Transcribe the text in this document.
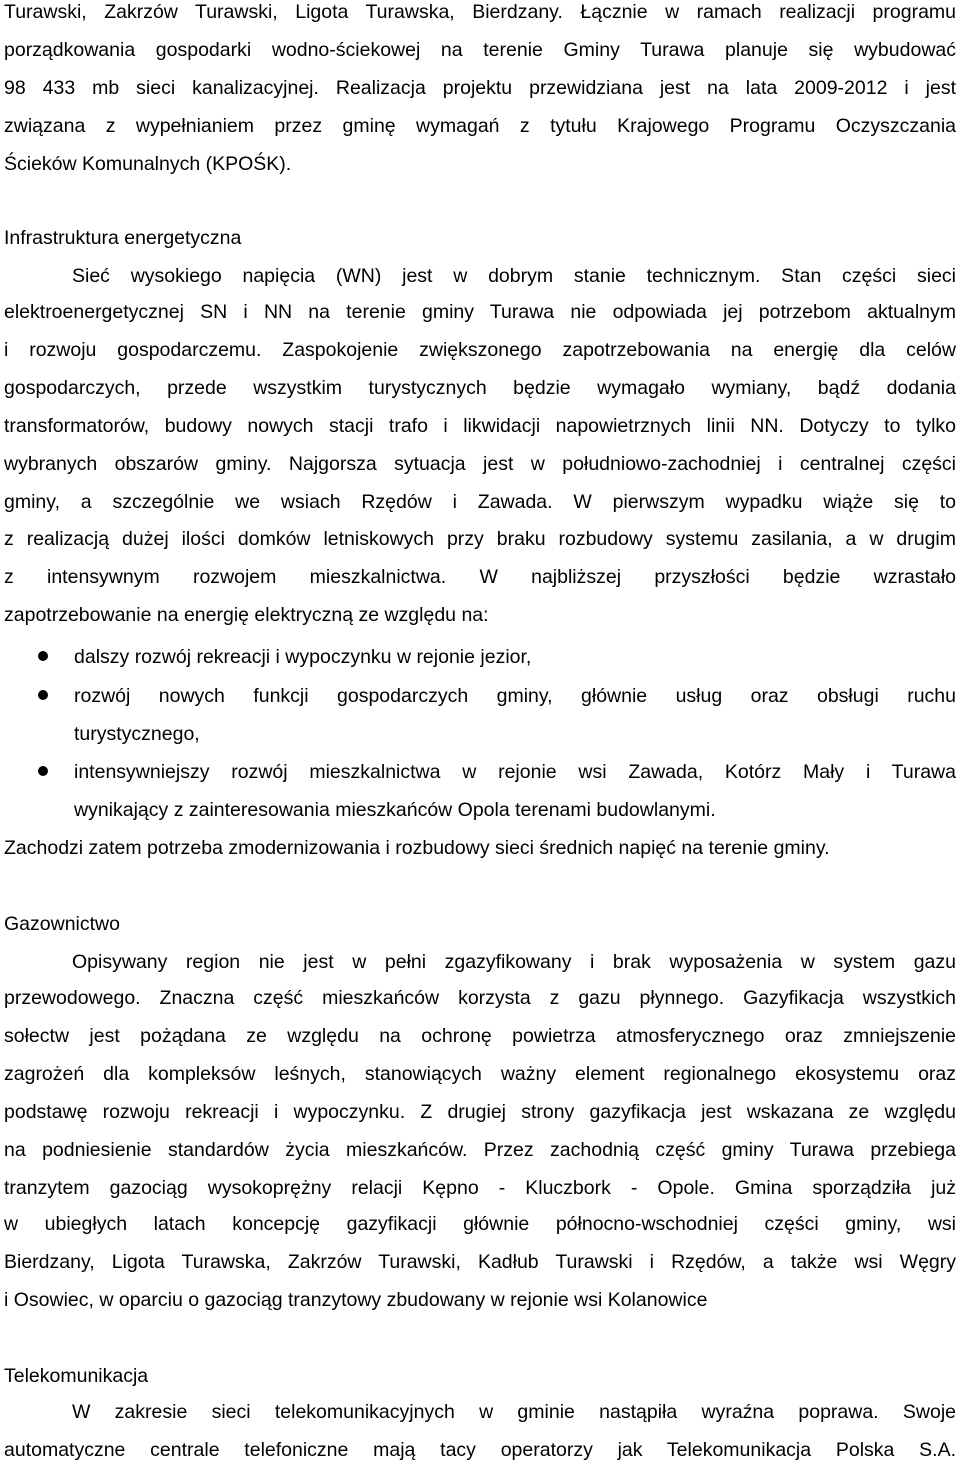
Turawski, Zakrzów Turawski, Ligota Turawska, Bierdzany. Łącznie w ramach realizacji programu
porządkowania gospodarki wodno-ściekowej na terenie Gminy Turawa planuje się wybudować
98 433 mb sieci kanalizacyjnej. Realizacja projektu przewidziana jest na lata 2009-2012 i jest
związana z wypełnianiem przez gminę wymagań z tytułu Krajowego Programu Oczyszczania
Ścieków Komunalnych (KPOŚK).
Infrastruktura energetyczna
Sieć wysokiego napięcia (WN) jest w dobrym stanie technicznym. Stan części sieci
elektroenergetycznej SN i NN na terenie gminy Turawa nie odpowiada jej potrzebom aktualnym
i rozwoju gospodarczemu. Zaspokojenie zwiększonego zapotrzebowania na energię dla celów
gospodarczych, przede wszystkim turystycznych będzie wymagało wymiany, bądź dodania
transformatorów, budowy nowych stacji trafo i likwidacji napowietrznych linii NN. Dotyczy to tylko
wybranych obszarów gminy. Najgorsza sytuacja jest w południowo-zachodniej i centralnej części
gminy, a szczególnie we wsiach Rzędów i Zawada. W pierwszym wypadku wiąże się to
z realizacją dużej ilości domków letniskowych przy braku rozbudowy systemu zasilania, a w drugim
z intensywnym rozwojem mieszkalnictwa. W najbliższej przyszłości będzie wzrastało
zapotrzebowanie na energię elektryczną ze względu na:
dalszy rozwój rekreacji i wypoczynku w rejonie jezior,
rozwój nowych funkcji gospodarczych gminy, głównie usług oraz obsługi ruchu
turystycznego,
intensywniejszy rozwój mieszkalnictwa w rejonie wsi Zawada, Kotórz Mały i Turawa
wynikający z zainteresowania mieszkańców Opola terenami budowlanymi.
Zachodzi zatem potrzeba zmodernizowania i rozbudowy sieci średnich napięć na terenie gminy.
Gazownictwo
Opisywany region nie jest w pełni zgazyfikowany i brak wyposażenia w system gazu
przewodowego. Znaczna część mieszkańców korzysta z gazu płynnego. Gazyfikacja wszystkich
sołectw jest pożądana ze względu na ochronę powietrza atmosferycznego oraz zmniejszenie
zagrożeń dla kompleksów leśnych, stanowiących ważny element regionalnego ekosystemu oraz
podstawę rozwoju rekreacji i wypoczynku. Z drugiej strony gazyfikacja jest wskazana ze względu
na podniesienie standardów życia mieszkańców. Przez zachodnią część gminy Turawa przebiega
tranzytem gazociąg wysokoprężny relacji Kępno - Kluczbork - Opole. Gmina sporządziła już
w ubiegłych latach koncepcję gazyfikacji głównie północno-wschodniej części gminy, wsi
Bierdzany, Ligota Turawska, Zakrzów Turawski, Kadłub Turawski i Rzędów, a także wsi Węgry
i Osowiec, w oparciu o gazociąg tranzytowy zbudowany w rejonie wsi Kolanowice
Telekomunikacja
W zakresie sieci telekomunikacyjnych w gminie nastąpiła wyraźna poprawa. Swoje
automatyczne centrale telefoniczne mają tacy operatorzy jak Telekomunikacja Polska S.A.
